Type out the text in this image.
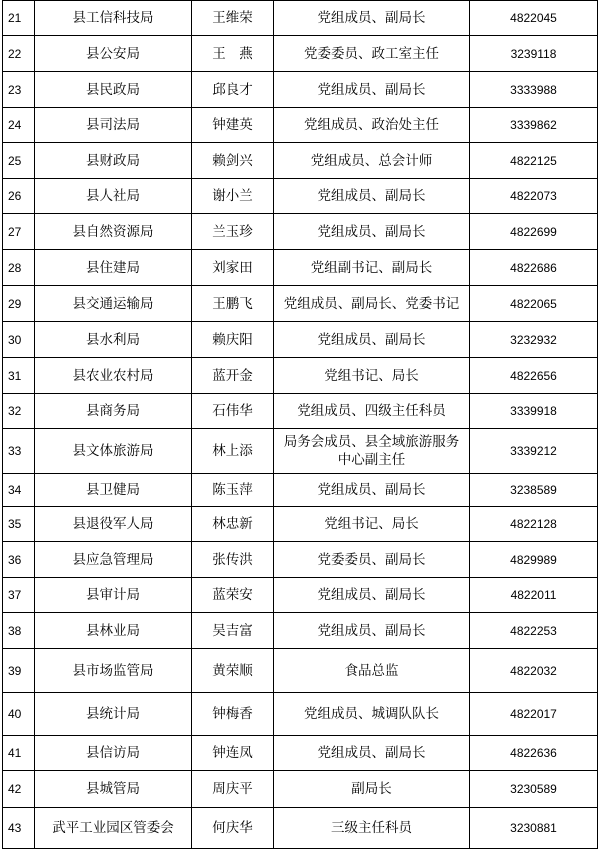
21	县工信科技局	王维荣	党组成员、副局长	4822045
22	县公安局	王　燕	党委委员、政工室主任	3239118
23	县民政局	邱良才	党组成员、副局长	3333988
24	县司法局	钟建英	党组成员、政治处主任	3339862
25	县财政局	赖剑兴	党组成员、总会计师	4822125
26	县人社局	谢小兰	党组成员、副局长	4822073
27	县自然资源局	兰玉珍	党组成员、副局长	4822699
28	县住建局	刘家田	党组副书记、副局长	4822686
29	县交通运输局	王鹏飞	党组成员、副局长、党委书记	4822065
30	县水利局	赖庆阳	党组成员、副局长	3232932
31	县农业农村局	蓝开金	党组书记、局长	4822656
32	县商务局	石伟华	党组成员、四级主任科员	3339918
33	县文体旅游局	林上添	局务会成员、县全域旅游服务
中心副主任	3339212
34	县卫健局	陈玉萍	党组成员、副局长	3238589
35	县退役军人局	林忠新	党组书记、局长	4822128
36	县应急管理局	张传洪	党委委员、副局长	4829989
37	县审计局	蓝荣安	党组成员、副局长	4822011
38	县林业局	吴吉富	党组成员、副局长	4822253
39	县市场监管局	黄荣顺	食品总监	4822032
40	县统计局	钟梅香	党组成员、城调队队长	4822017
41	县信访局	钟连凤	党组成员、副局长	4822636
42	县城管局	周庆平	副局长	3230589
43	武平工业园区管委会	何庆华	三级主任科员	3230881
